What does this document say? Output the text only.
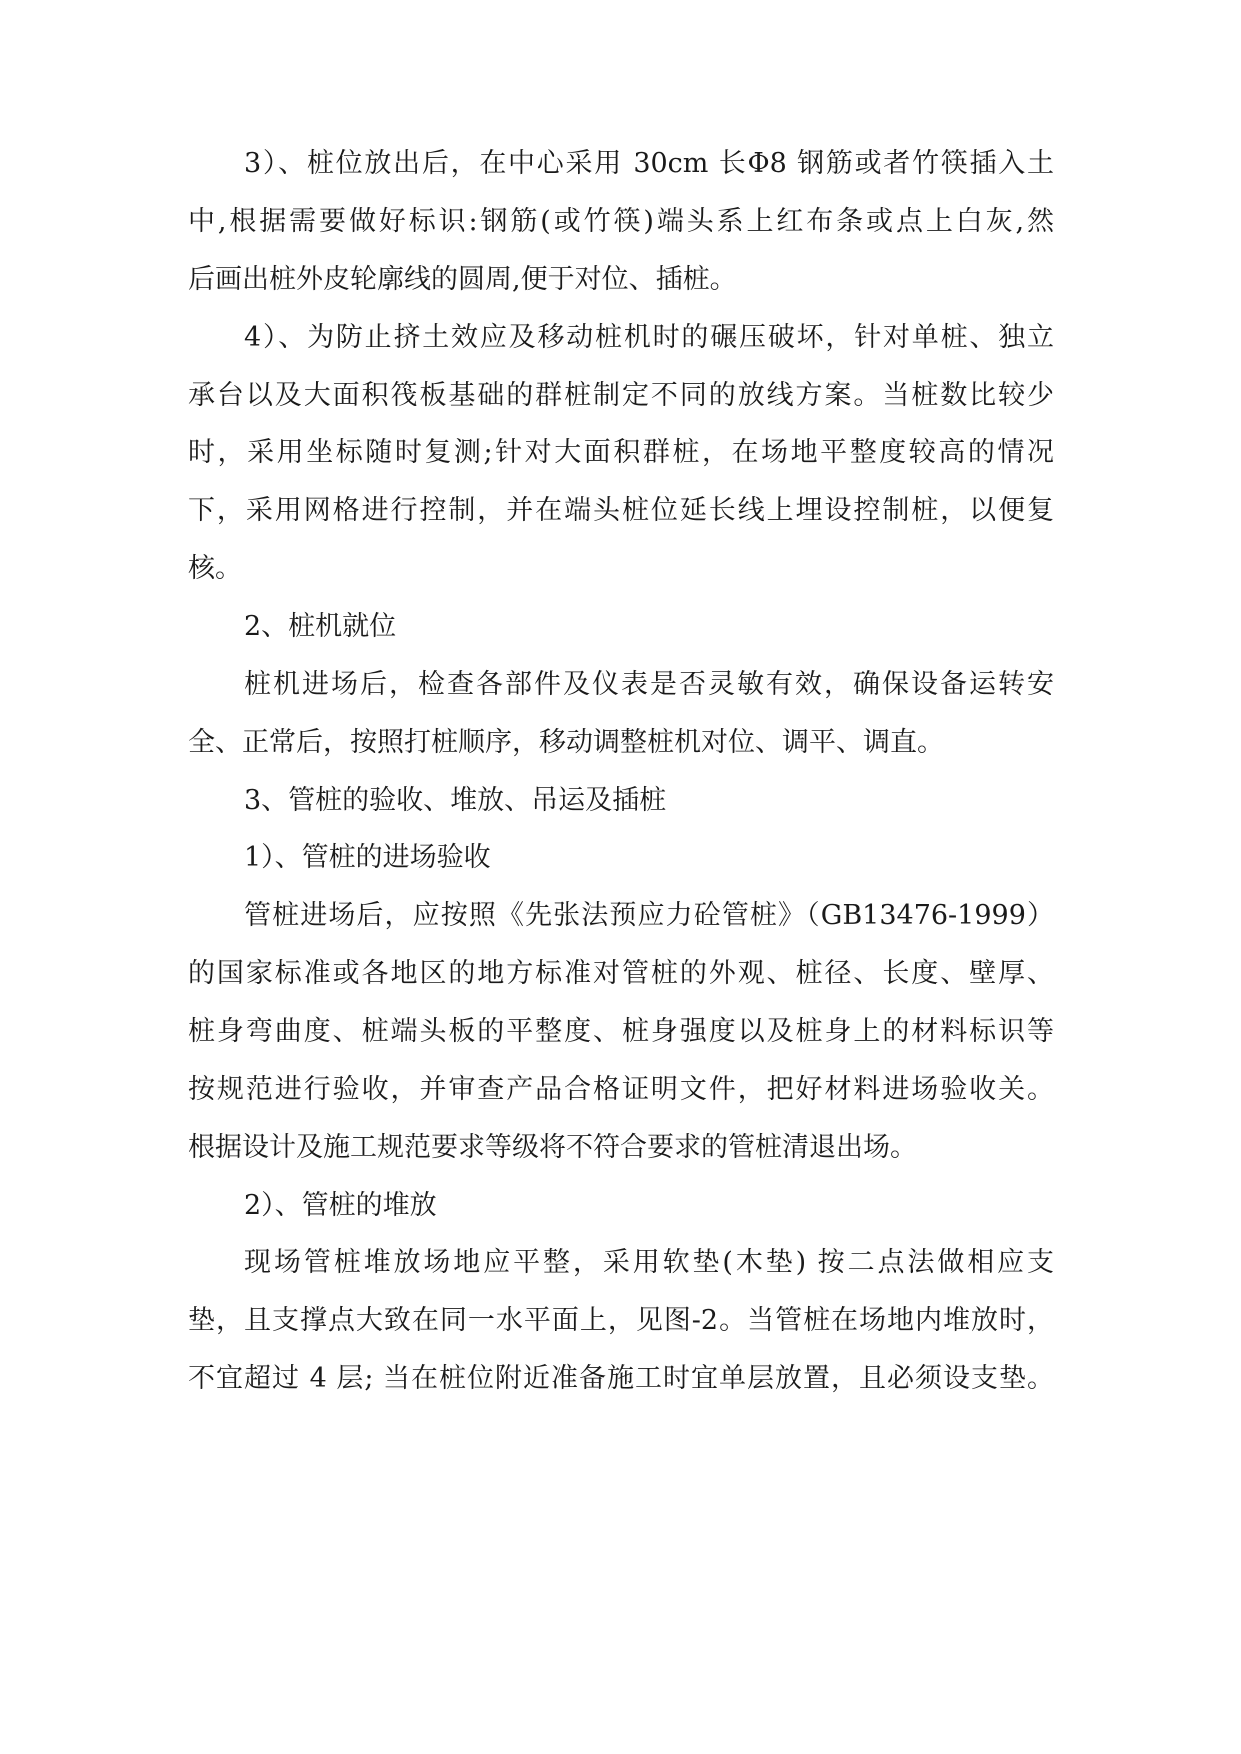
3）、桩位放出后，在中心采用 30cm 长Φ8 钢筋或者竹筷插入土
中,根据需要做好标识:钢筋(或竹筷)端头系上红布条或点上白灰,然
后画出桩外皮轮廓线的圆周,便于对位、插桩。
4）、为防止挤土效应及移动桩机时的碾压破坏，针对单桩、独立
承台以及大面积筏板基础的群桩制定不同的放线方案。当桩数比较少
时，采用坐标随时复测;针对大面积群桩，在场地平整度较高的情况
下，采用网格进行控制，并在端头桩位延长线上埋设控制桩，以便复
核。
2、桩机就位
桩机进场后，检查各部件及仪表是否灵敏有效，确保设备运转安
全、正常后，按照打桩顺序，移动调整桩机对位、调平、调直。
3、管桩的验收、堆放、吊运及插桩
1）、管桩的进场验收
管桩进场后，应按照《先张法预应力砼管桩》（GB13476-1999）
的国家标准或各地区的地方标准对管桩的外观、桩径、长度、壁厚、
桩身弯曲度、桩端头板的平整度、桩身强度以及桩身上的材料标识等
按规范进行验收，并审查产品合格证明文件，把好材料进场验收关。
根据设计及施工规范要求等级将不符合要求的管桩清退出场。
2）、管桩的堆放
现场管桩堆放场地应平整，采用软垫(木垫) 按二点法做相应支
垫，且支撑点大致在同一水平面上，见图-2。当管桩在场地内堆放时，
不宜超过 4 层; 当在桩位附近准备施工时宜单层放置，且必须设支垫。
